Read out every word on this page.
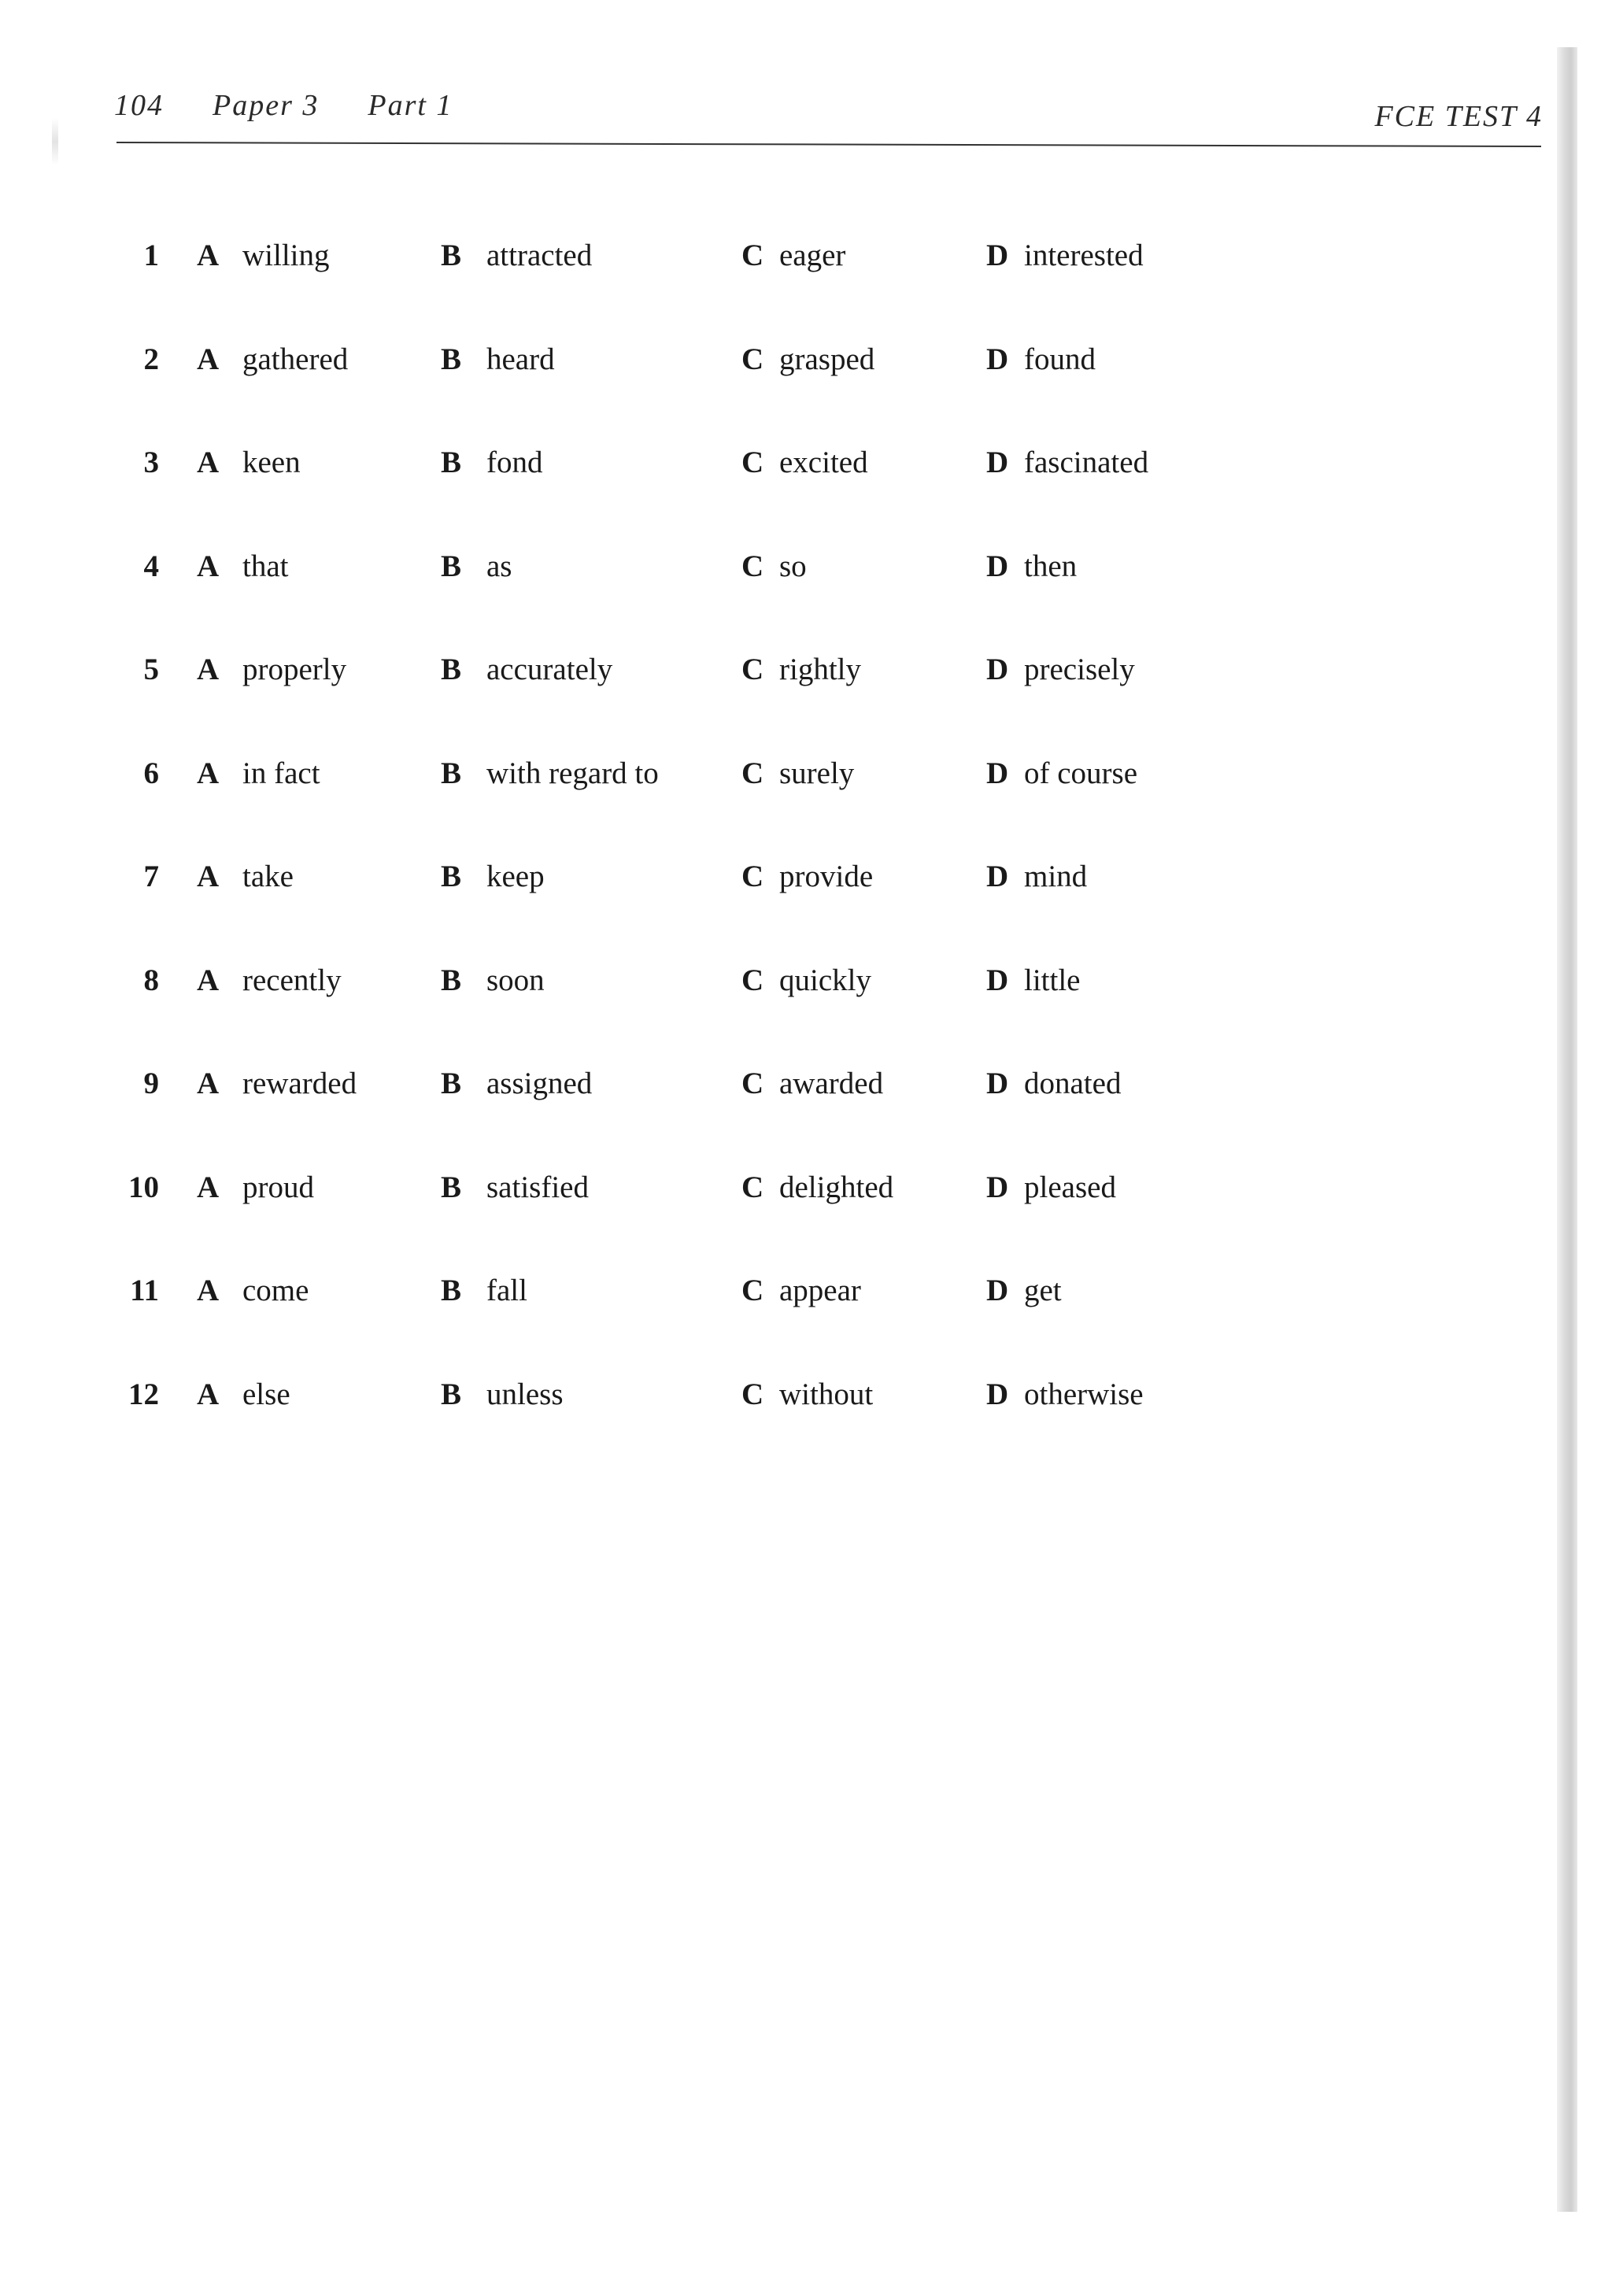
104 Paper 3 Part 1	FCE TEST 4
1 A willing	B attracted	C eager	D interested
2 A gathered	B heard	C grasped	D found
3 A keen	B fond	C excited	D fascinated
4 A that	B as	C so	D then
5 A properly	B accurately	C rightly	D precisely
6 A in fact	B with regard to	C surely	D of course
7 A take	B keep	C provide	D mind
8 A recently	B soon	C quickly	D little
9 A rewarded	B assigned	C awarded	D donated
10 A proud	B satisfied	C delighted	D pleased
11 A come	B fall	C appear	D get
12 A else	B unless	C without	D otherwise
